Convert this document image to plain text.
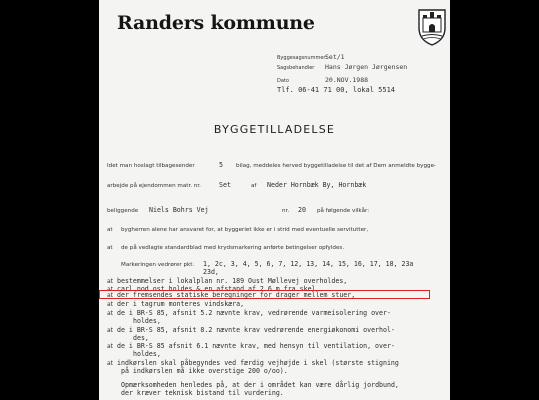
Randers kommune
Byggesagsnummer:
Set/1
Sagsbehandler Hans Jørgen Jørgensen
Dato	20.NOV.1988
Tlf. 06-41 71 00, lokal 5514
BYGGETILLADELSE
Idet man hoslagt tilbagesender	5 bilag, meddeles herved byggetilladelse til det af Dem anmeldte bygge-
arbejde på ejendommen matr. nr.	Set	af Neder Hornbæk By, Hornbæk
beliggende Niels Bohrs Vej	nr. 20 på følgende vilkår:
at bygherren alene har ansvaret for, at byggeriet ikke er i strid med eventuelle servitutter,
at de på vedlagte standardblad med krydsmarkering anførte betingelser opfyldes.
Markeringen vedrører pkt. 1, 2c, 3, 4, 5, 6, 7, 12, 13, 14, 15, 16, 17, 18, 23a
23d,
at bestemmelser i lokalplan nr. 189 Oust Møllevej overholdes,
at carl nod ost holdes & en afstand af 2.6 m fra skel.
at der fremsendes statiske beregninger for drager mellem stuer,
at der i tagrum monteres vindskæra,
at de i BR-S 85, afsnit 5.2 nævnte krav, vedrørende varmeisolering over-
holdes,
at de i BR-S 85, afsnit 8.2 nævnte krav vedrørende energiøkonomi overhol-
des,
at de i BR-S 85 afsnit 6.1 nævnte krav, med hensyn til ventilation, over-
holdes,
at indkørslen skal påbegyndes ved færdig vejhøjde i skel (største stigning
på indkørslen må ikke overstige 200 o/oo).
Opmærksomheden henledes på, at der i området kan være dårlig jordbund,
der kræver teknisk bistand til vurdering.
